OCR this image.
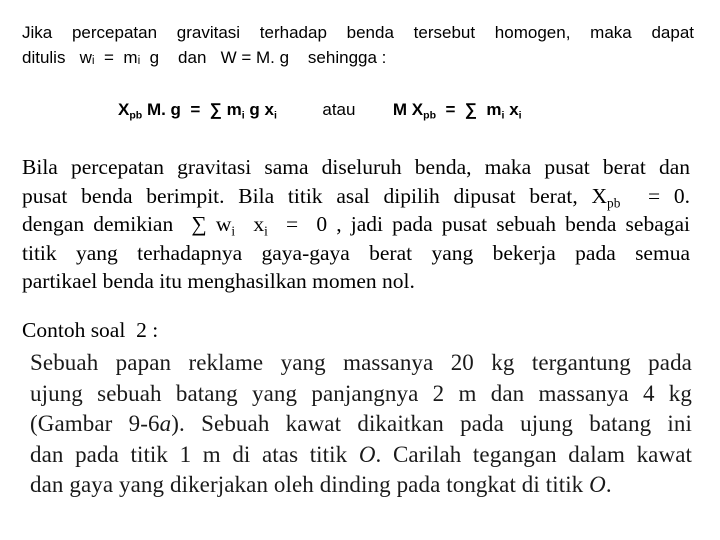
Jika percepatan gravitasi terhadap benda tersebut homogen, maka dapat
ditulis   wᵢ  =  mᵢ  g    dan   W = M. g    sehingga :
$X_{pb}$ M. g  =  ∑ $m_i$ g $x_i$	atau M $X_{pb}$  =  ∑  $m_i$ $x_i$
Bila percepatan gravitasi sama diseluruh benda, maka pusat berat dan
pusat benda berimpit. Bila titik asal dipilih dipusat berat, $X_{pb} = 0$.
dengan demikian  ∑ $w_i$  $x_i = 0$ , jadi pada pusat sebuah benda sebagai
titik yang terhadapnya gaya-gaya berat yang bekerja pada semua
partikael benda itu menghasilkan momen nol.
Contoh soal  2 :
Sebuah papan reklame yang massanya 20 kg tergantung pada
ujung sebuah batang yang panjangnya 2 m dan massanya 4 kg
(Gambar 9-6a). Sebuah kawat dikaitkan pada ujung batang ini
dan pada titik 1 m di atas titik O. Carilah tegangan dalam kawat
dan gaya yang dikerjakan oleh dinding pada tongkat di titik O.
